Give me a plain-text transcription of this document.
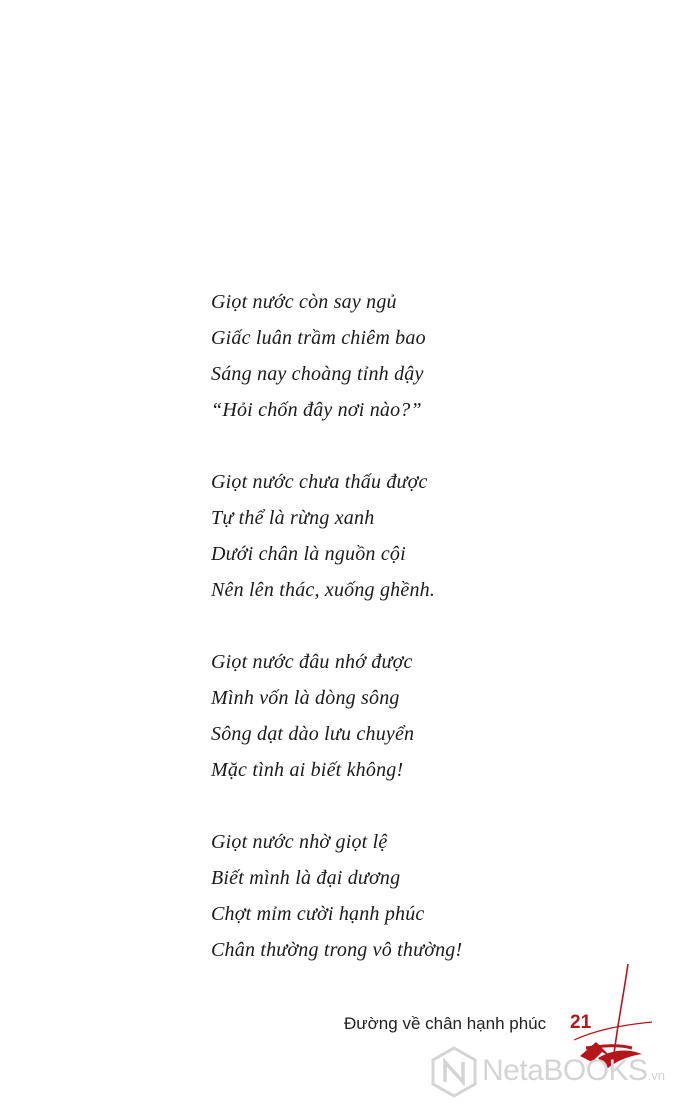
Giọt nước còn say ngủ
Giấc luân trầm chiêm bao
Sáng nay choàng tỉnh dậy
“Hỏi chốn đây nơi nào?”
Giọt nước chưa thấu được
Tự thể là rừng xanh
Dưới chân là nguồn cội
Nên lên thác, xuống ghềnh.
Giọt nước đâu nhớ được
Mình vốn là dòng sông
Sông dạt dào lưu chuyển
Mặc tình ai biết không!
Giọt nước nhờ giọt lệ
Biết mình là đại dương
Chợt mỉm cười hạnh phúc
Chân thường trong vô thường!
Đường về chân hạnh phúc 21
NetaBOOKS.vn
